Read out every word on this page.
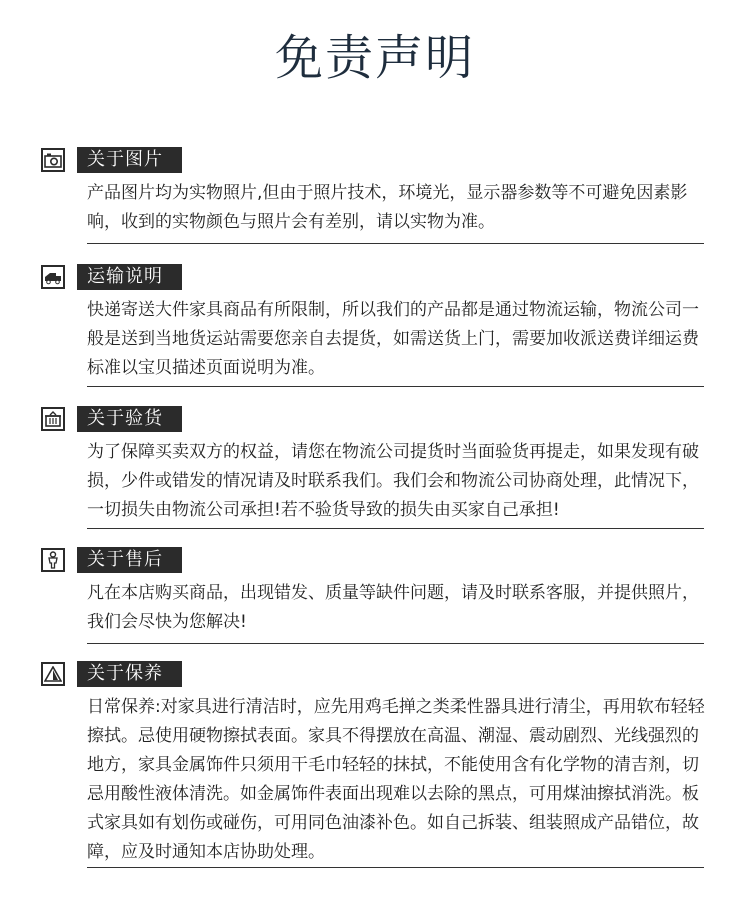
免责声明
关于图片

产品图片均为实物照片,但由于照片技术，环境光，显示器参数等不可避免因素影响，收到的实物颜色与照片会有差别，请以实物为准。

运输说明

快递寄送大件家具商品有所限制，所以我们的产品都是通过物流运输，物流公司一般是送到当地货运站需要您亲自去提货，如需送货上门，需要加收派送费详细运费标准以宝贝描述页面说明为准。

关于验货

为了保障买卖双方的权益，请您在物流公司提货时当面验货再提走，如果发现有破损，少件或错发的情况请及时联系我们。我们会和物流公司协商处理，此情况下，一切损失由物流公司承担!若不验货导致的损失由买家自己承担!

关于售后

凡在本店购买商品，出现错发、质量等缺件问题，请及时联系客服，并提供照片，我们会尽快为您解决!

关于保养

日常保养:对家具进行清洁时，应先用鸡毛掸之类柔性器具进行清尘，再用软布轻轻擦拭。忌使用硬物擦拭表面。家具不得摆放在高温、潮湿、震动剧烈、光线强烈的地方，家具金属饰件只须用干毛巾轻轻的抹拭，不能使用含有化学物的清吉剂，切忌用酸性液体清洗。如金属饰件表面出现难以去除的黑点，可用煤油擦拭消洗。板式家具如有划伤或碰伤，可用同色油漆补色。如自己拆装、组装照成产品错位，故障，应及时通知本店协助处理。
